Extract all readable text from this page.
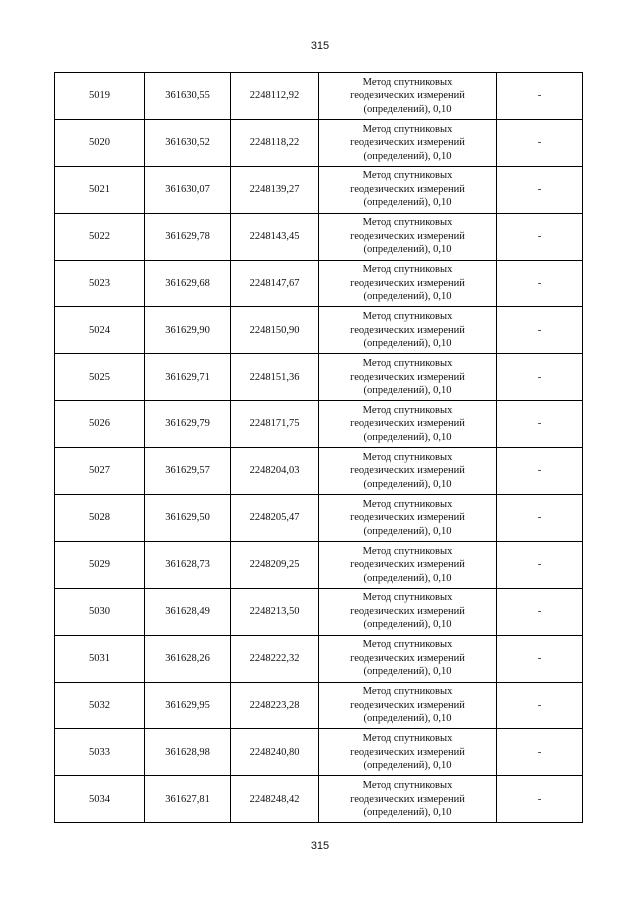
315
5019	361630,55	2248112,92	Метод спутниковых
геодезических измерений
(определений), 0,10	-
5020	361630,52	2248118,22	Метод спутниковых
геодезических измерений
(определений), 0,10	-
5021	361630,07	2248139,27	Метод спутниковых
геодезических измерений
(определений), 0,10	-
5022	361629,78	2248143,45	Метод спутниковых
геодезических измерений
(определений), 0,10	-
5023	361629,68	2248147,67	Метод спутниковых
геодезических измерений
(определений), 0,10	-
5024	361629,90	2248150,90	Метод спутниковых
геодезических измерений
(определений), 0,10	-
5025	361629,71	2248151,36	Метод спутниковых
геодезических измерений
(определений), 0,10	-
5026	361629,79	2248171,75	Метод спутниковых
геодезических измерений
(определений), 0,10	-
5027	361629,57	2248204,03	Метод спутниковых
геодезических измерений
(определений), 0,10	-
5028	361629,50	2248205,47	Метод спутниковых
геодезических измерений
(определений), 0,10	-
5029	361628,73	2248209,25	Метод спутниковых
геодезических измерений
(определений), 0,10	-
5030	361628,49	2248213,50	Метод спутниковых
геодезических измерений
(определений), 0,10	-
5031	361628,26	2248222,32	Метод спутниковых
геодезических измерений
(определений), 0,10	-
5032	361629,95	2248223,28	Метод спутниковых
геодезических измерений
(определений), 0,10	-
5033	361628,98	2248240,80	Метод спутниковых
геодезических измерений
(определений), 0,10	-
5034	361627,81	2248248,42	Метод спутниковых
геодезических измерений
(определений), 0,10	-
315
